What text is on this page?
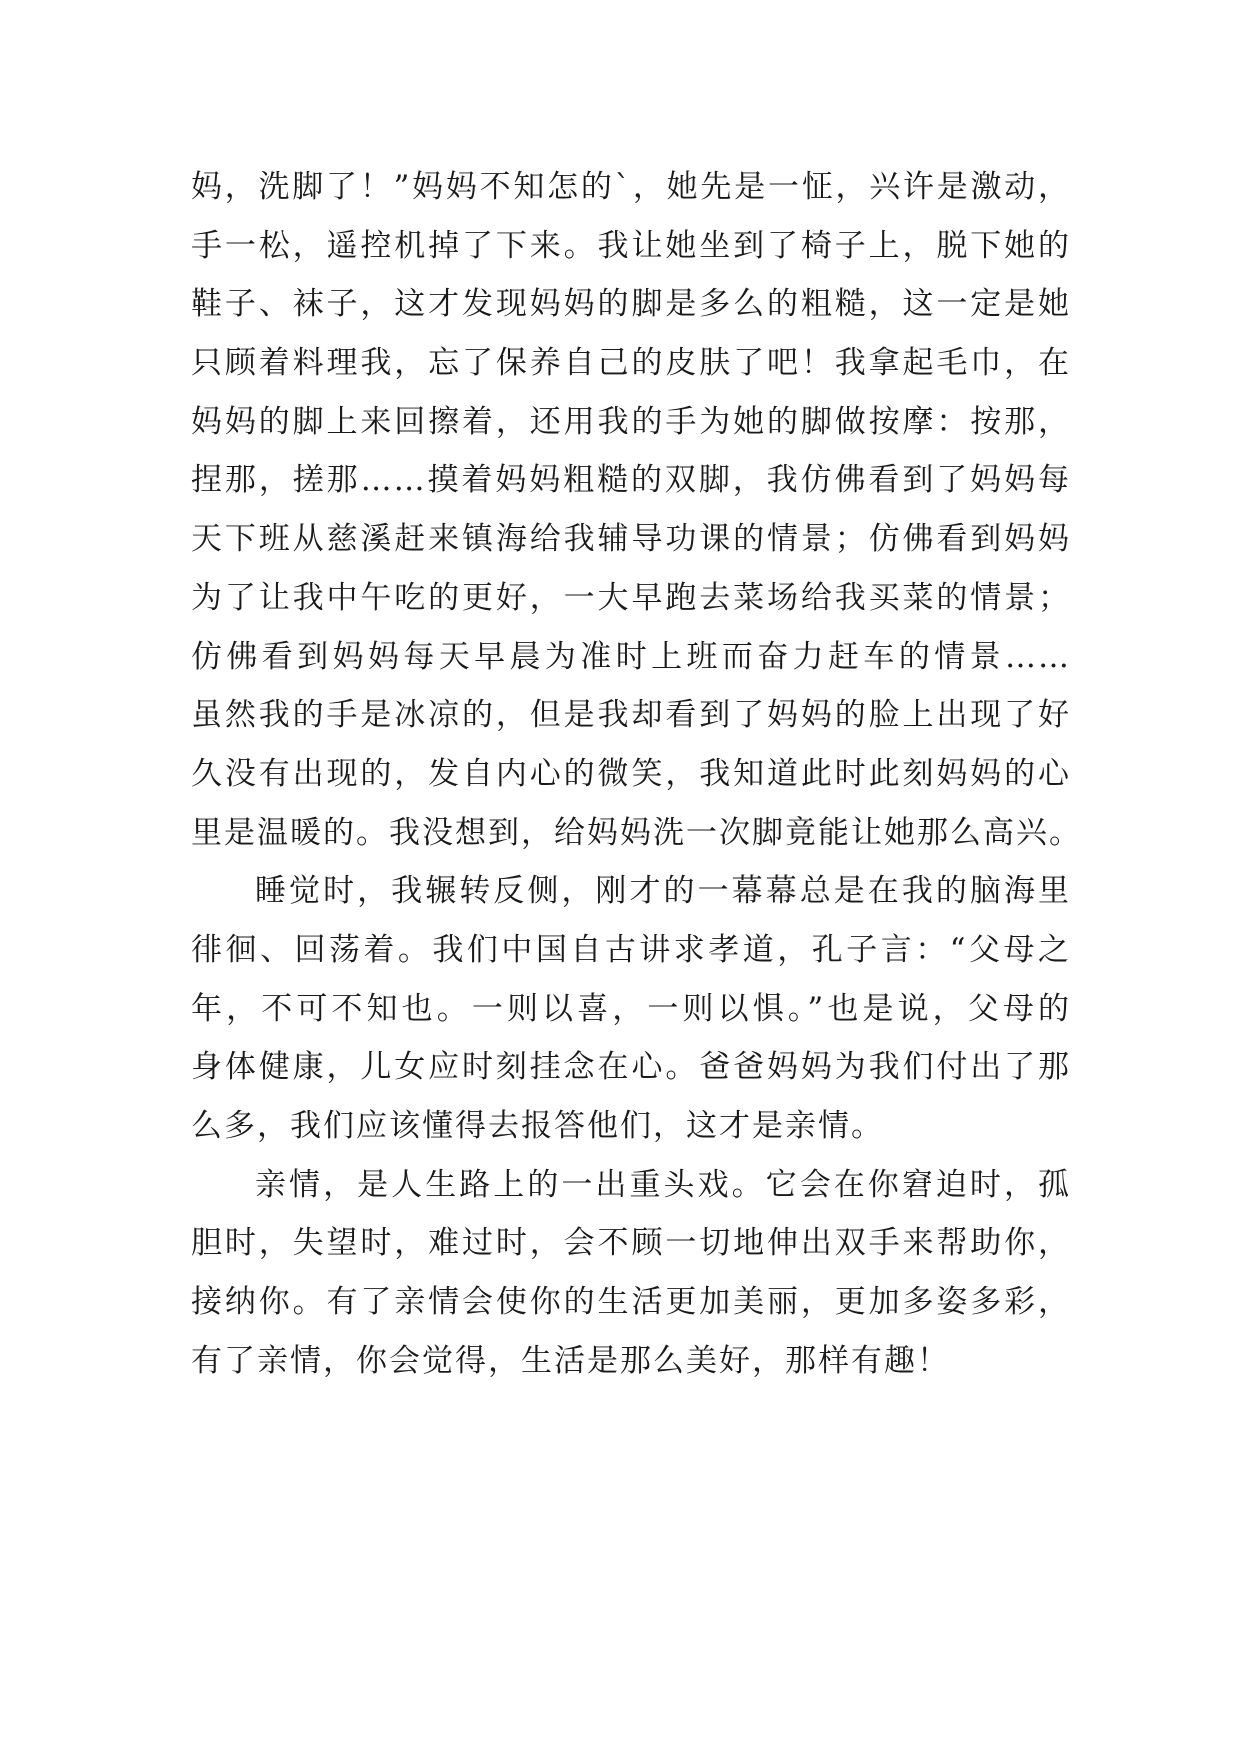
妈，洗脚了！”妈妈不知怎的`，她先是一怔，兴许是激动，
手一松，遥控机掉了下来。我让她坐到了椅子上，脱下她的
鞋子、袜子，这才发现妈妈的脚是多么的粗糙，这一定是她
只顾着料理我，忘了保养自己的皮肤了吧！我拿起毛巾，在
妈妈的脚上来回擦着，还用我的手为她的脚做按摩：按那，
捏那，搓那……摸着妈妈粗糙的双脚，我仿佛看到了妈妈每
天下班从慈溪赶来镇海给我辅导功课的情景；仿佛看到妈妈
为了让我中午吃的更好，一大早跑去菜场给我买菜的情景；
仿佛看到妈妈每天早晨为准时上班而奋力赶车的情景……
虽然我的手是冰凉的，但是我却看到了妈妈的脸上出现了好
久没有出现的，发自内心的微笑，我知道此时此刻妈妈的心
里是温暖的。我没想到，给妈妈洗一次脚竟能让她那么高兴。
睡觉时，我辗转反侧，刚才的一幕幕总是在我的脑海里
徘徊、回荡着。我们中国自古讲求孝道，孔子言：“父母之
年，不可不知也。一则以喜，一则以惧。”也是说，父母的
身体健康，儿女应时刻挂念在心。爸爸妈妈为我们付出了那
么多，我们应该懂得去报答他们，这才是亲情。
亲情，是人生路上的一出重头戏。它会在你窘迫时，孤
胆时，失望时，难过时，会不顾一切地伸出双手来帮助你，
接纳你。有了亲情会使你的生活更加美丽，更加多姿多彩，
有了亲情，你会觉得，生活是那么美好，那样有趣！
